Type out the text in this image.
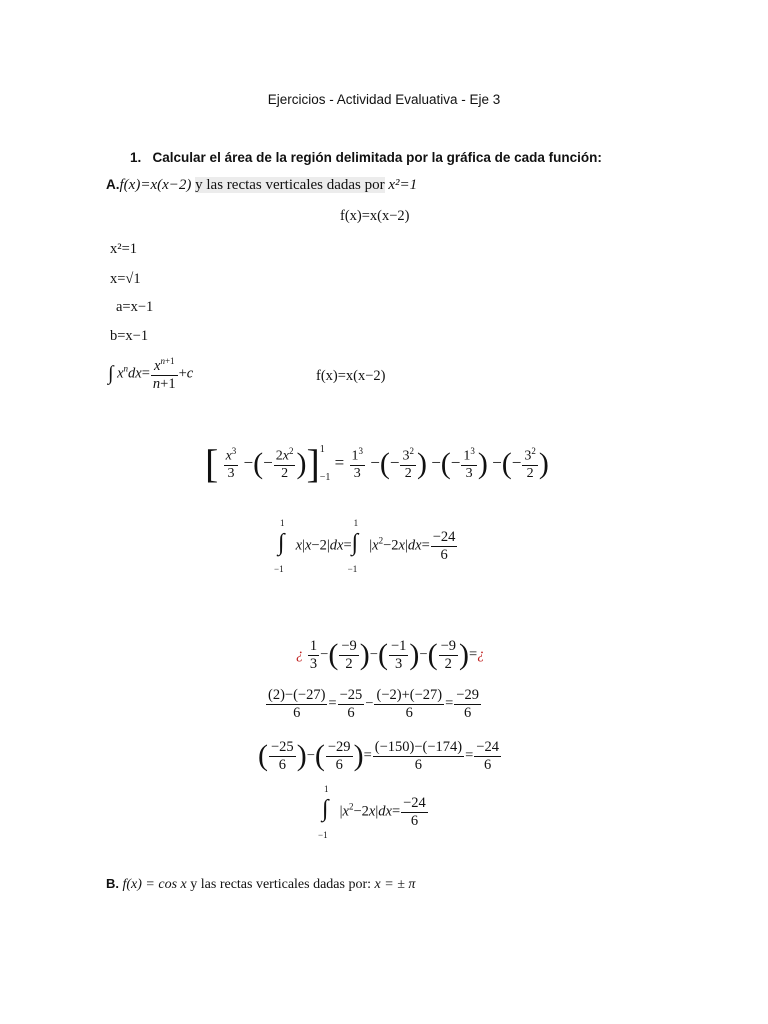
Ejercicios - Actividad Evaluativa - Eje 3
1. Calcular el área de la región delimitada por la gráfica de cada función:
A.f(x)=x(x−2) y las rectas verticales dadas por x²=1
f(x)=x(x−2)
x²=1
x=√1
a=x−1
b=x−1
∫ $x^ndx= \frac{x^{n+1}}{n+1} +c$	f(x)=x(x−2)
[ $\frac{x^3}{3}$ −(− $\frac{2x^2}{2}$ )] 1
−1
= $\frac{1^3}{3}$ −(− $\frac{3^2}{2}$ ) −(− $\frac{1^3}{3}$ ) −(− $\frac{3^2}{2}$ )
1
∫
−1
x|x−2|dx=
1
∫
−1
$|x^2-2x|dx= \frac{-24}{6}$
¿ $\frac{1}{3}$ −( $\frac{-9}{2}$ )−( $\frac{-1}{3}$ )−( $\frac{-9}{2}$ )=¿
$\frac{(2)-(-27)}{6} = \frac{-25}{6} - \frac{(-2)+(-27)}{6} = \frac{-29}{6}$
( $\frac{-25}{6}$ )−( $\frac{-29}{6}$ )= $\frac{(-150)-(-174)}{6} = \frac{-24}{6}$
1
∫
−1
$|x^2-2x|dx= \frac{-24}{6}$
B. f(x) = cos x y las rectas verticales dadas por: x = ± π
